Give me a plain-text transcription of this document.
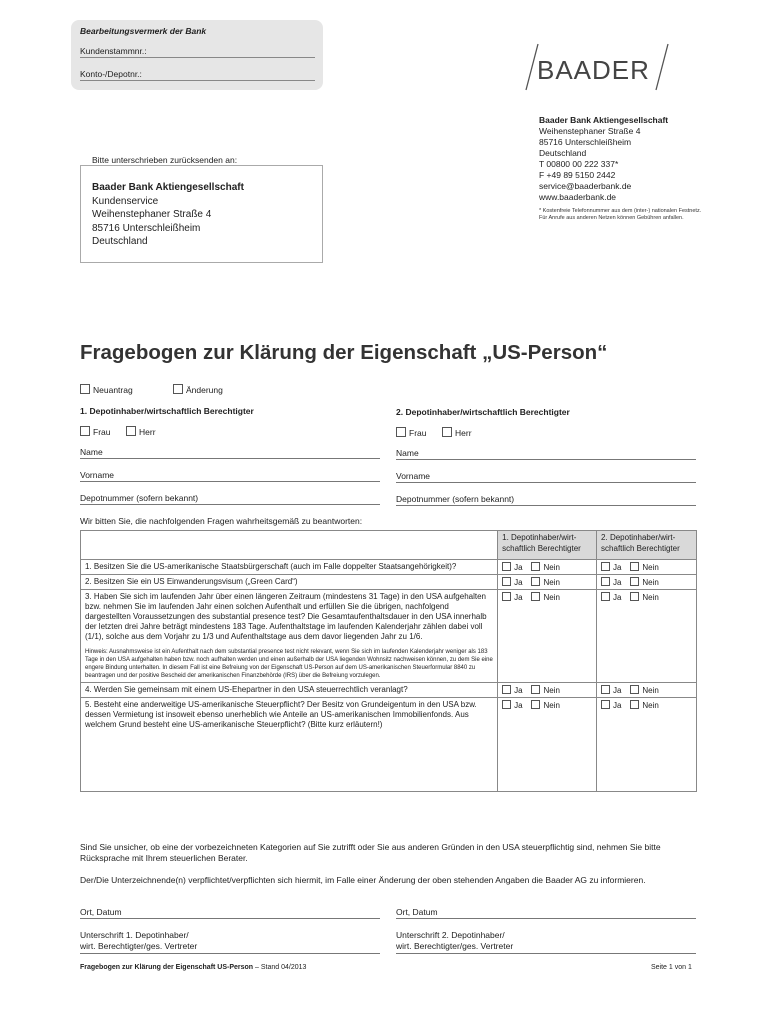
Bearbeitungsvermerk der Bank
Kundenstammnr.:
Konto-/Depotnr.:	BAADER
Baader Bank Aktiengesellschaft
Weihenstephaner Straße 4
85716 Unterschleißheim
Deutschland
T 00800 00 222 337*
F +49 89 5150 2442
service@baaderbank.de
www.baaderbank.de
* Kostenfreie Telefonnummer aus dem (inter-) nationalen Festnetz. Für Anrufe aus anderen Netzen können Gebühren anfallen.
Bitte unterschrieben zurücksenden an:
Baader Bank Aktiengesellschaft
Kundenservice
Weihenstephaner Straße 4
85716 Unterschleißheim
Deutschland
Fragebogen zur Klärung der Eigenschaft „US-Person“
Neuantrag	Änderung
1. Depotinhaber/wirtschaftlich Berechtigter
Frau	Herr
Name
Vorname
Depotnummer (sofern bekannt)
2. Depotinhaber/wirtschaftlich Berechtigter
Frau	Herr
Name
Vorname
Depotnummer (sofern bekannt)
Wir bitten Sie, die nachfolgenden Fragen wahrheitsgemäß zu beantworten:
	1. Depotinhaber/wirt-schaftlich Berechtigter	2. Depotinhaber/wirt-schaftlich Berechtigter
1. Besitzen Sie die US-amerikanische Staatsbürgerschaft (auch im Falle doppelter Staatsangehörigkeit)?	Ja Nein	Ja Nein
2. Besitzen Sie ein US Einwanderungsvisum („Green Card“)	Ja Nein	Ja Nein

3. Haben Sie sich im laufenden Jahr über einen längeren Zeitraum (mindestens 31 Tage) in den USA aufgehalten bzw. nehmen Sie im laufenden Jahr einen solchen Aufenthalt und erfüllen Sie die übrigen, nachfolgend dargestellten Voraussetzungen des substantial presence test? Die Gesamtaufenthaltsdauer in den USA innerhalb der letzten drei Jahre beträgt mindestens 183 Tage. Aufenthaltstage im laufenden Kalenderjahr zählen dabei voll (1/1), solche aus dem Vorjahr zu 1/3 und Aufenthaltstage aus dem davor liegenden Jahr zu 1/6.
Hinweis: Ausnahmsweise ist ein Aufenthalt nach dem substantial presence test nicht relevant, wenn Sie sich im laufenden Kalenderjahr weniger als 183 Tage in den USA aufgehalten haben bzw. noch aufhalten werden und einen außerhalb der USA liegenden Wohnsitz nachweisen können, zu dem Sie eine engere Bindung unterhalten. In diesem Fall ist eine Befreiung von der Eigenschaft US-Person auf dem US-amerikanischen Steuerformular 8840 zu beantragen und der positive Bescheid der amerikanischen Finanzbehörde (IRS) über die Befreiung vorzulegen.	Ja Nein	Ja Nein
4. Werden Sie gemeinsam mit einem US-Ehepartner in den USA steuerrechtlich veranlagt?	Ja Nein	Ja Nein
5. Besteht eine anderweitige US-amerikanische Steuerpflicht? Der Besitz von Grundeigentum in den USA bzw. dessen Vermietung ist insoweit ebenso unerheblich wie Anteile an US-amerikanischen Immobilienfonds. Aus welchem Grund besteht eine US-amerikanische Steuerpflicht? (Bitte kurz erläutern!)	Ja Nein	Ja Nein
Sind Sie unsicher, ob eine der vorbezeichneten Kategorien auf Sie zutrifft oder Sie aus anderen Gründen in den USA steuerpflichtig sind, nehmen Sie bitte Rücksprache mit Ihrem steuerlichen Berater.
Der/Die Unterzeichnende(n) verpflichtet/verpflichten sich hiermit, im Falle einer Änderung der oben stehenden Angaben die Baader AG zu informieren.
Ort, Datum	Ort, Datum
Unterschrift 1. Depotinhaber/
wirt. Berechtigter/ges. Vertreter
Unterschrift 2. Depotinhaber/
wirt. Berechtigter/ges. Vertreter
Fragebogen zur Klärung der Eigenschaft US-Person – Stand 04/2013	Seite 1 von 1
